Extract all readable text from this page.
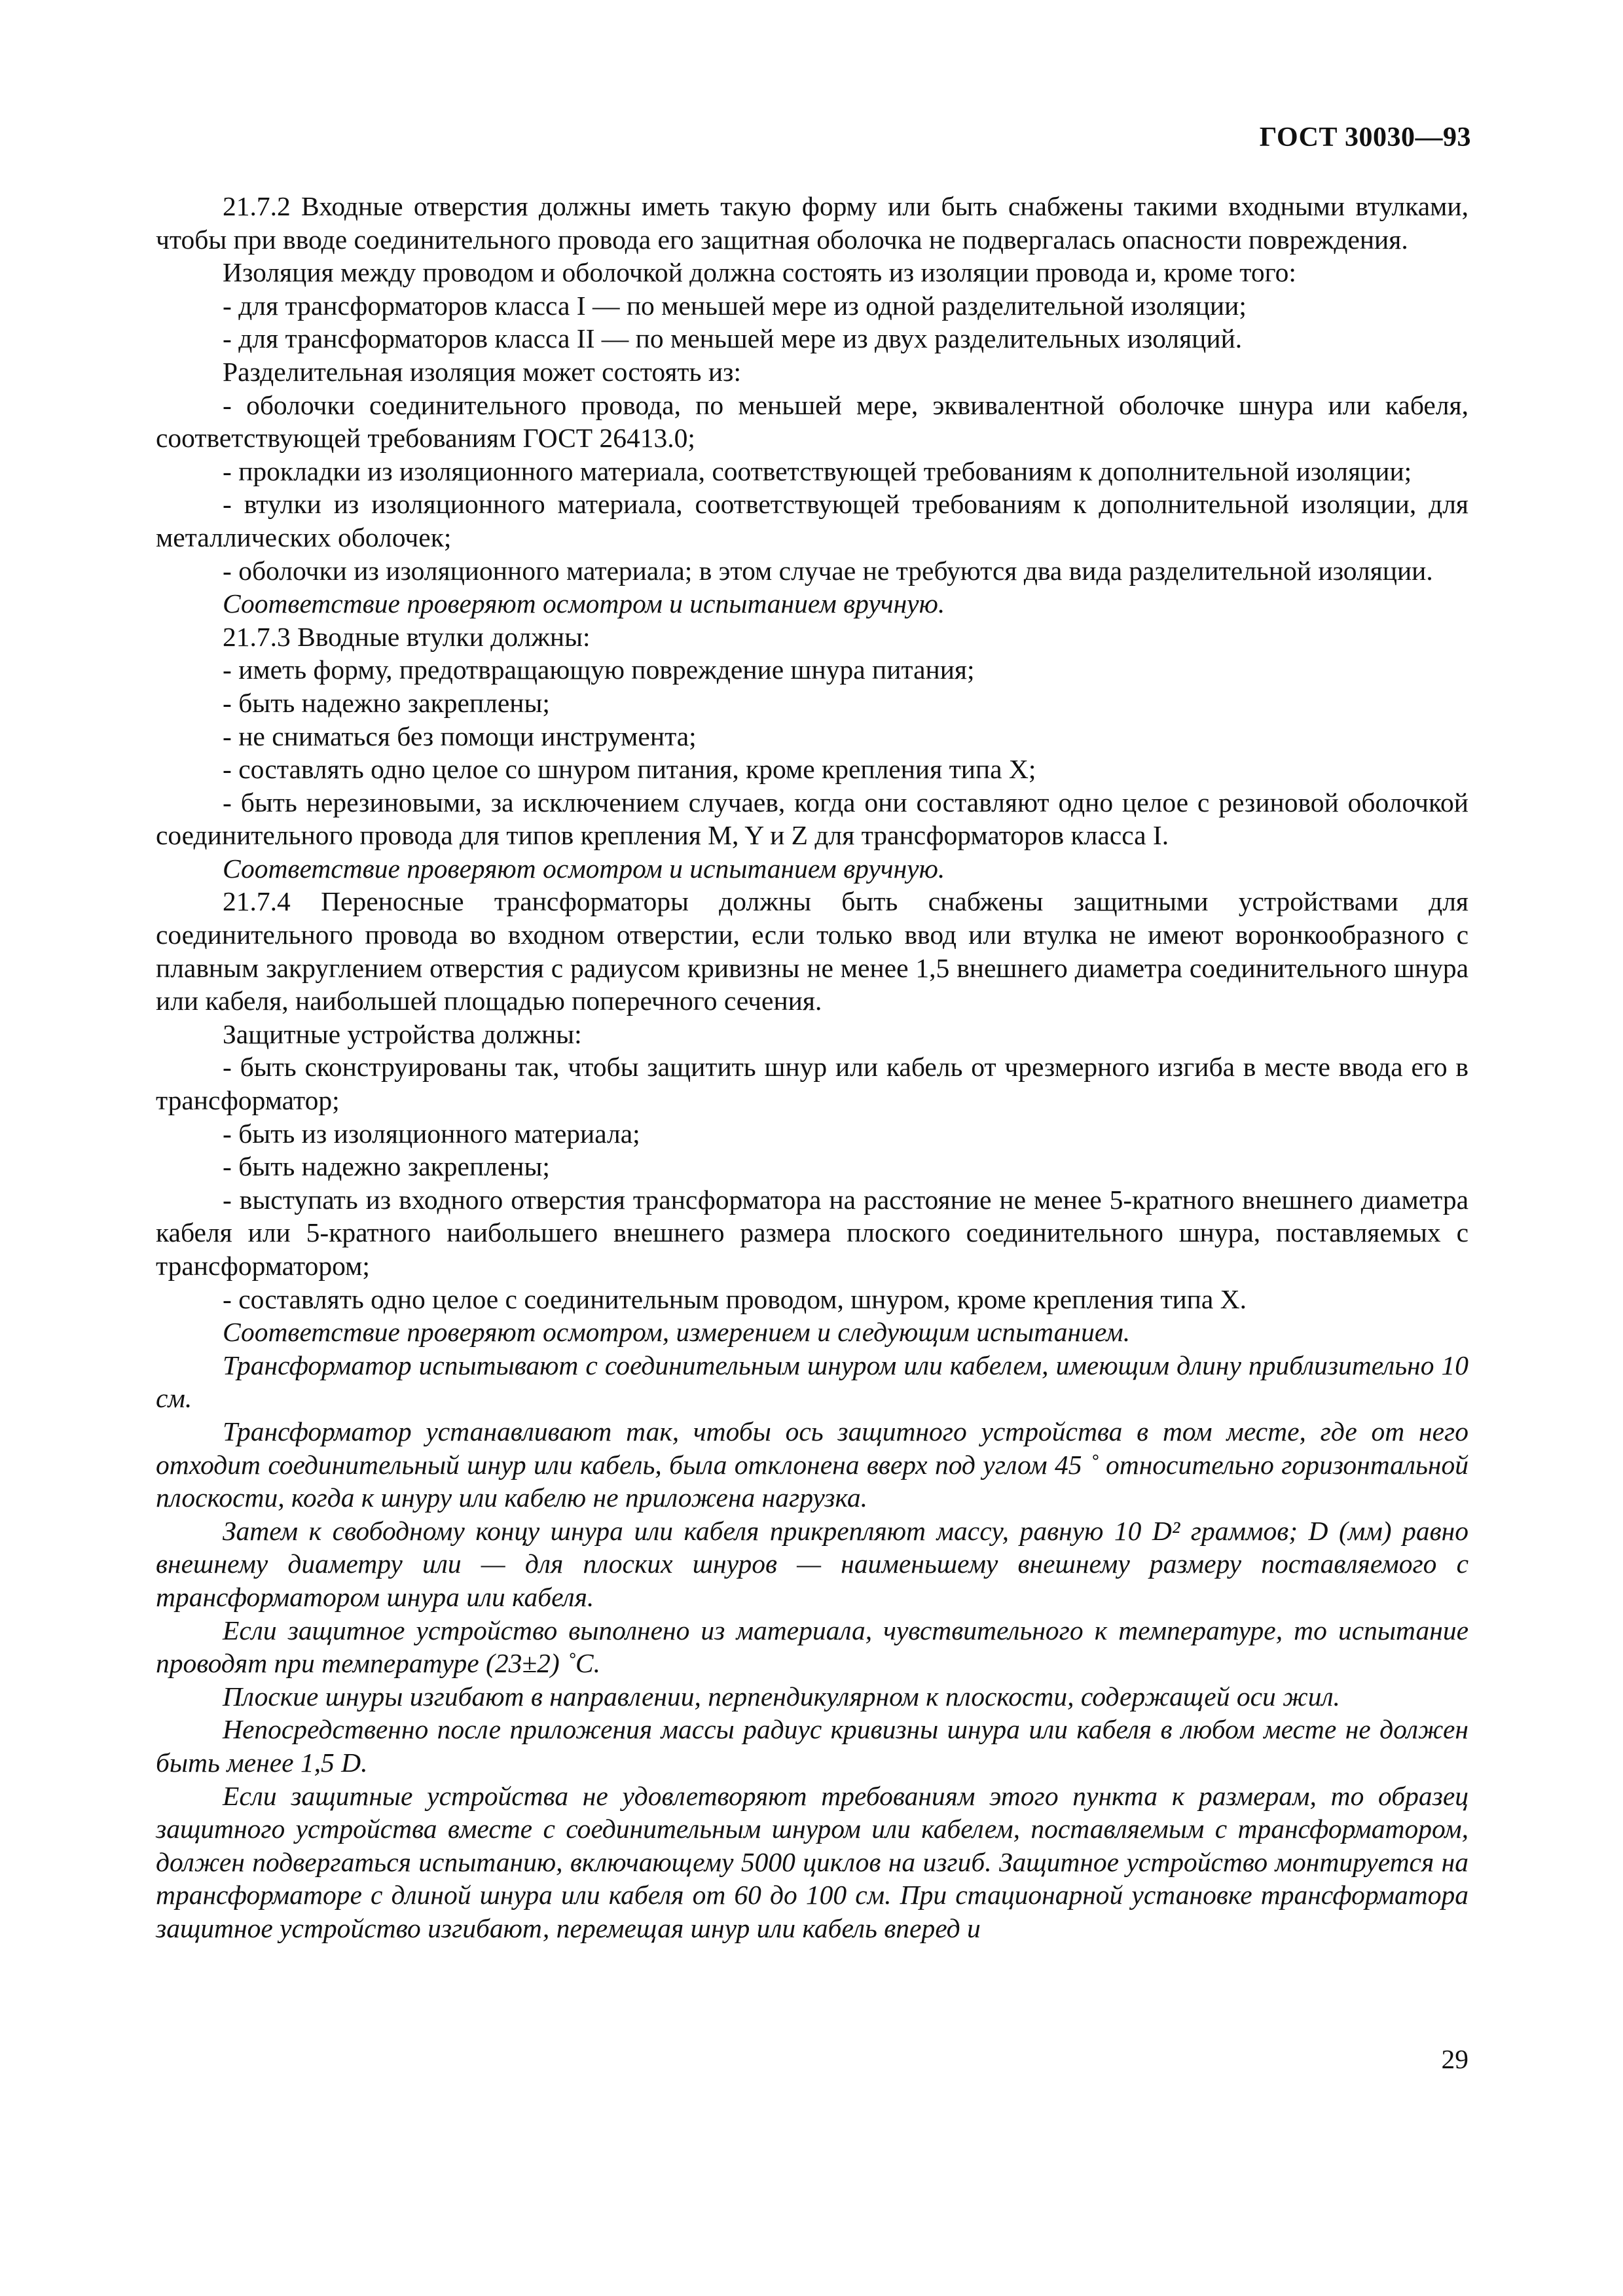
ГОСТ 30030—93

21.7.2 Входные отверстия должны иметь такую форму или быть снабжены такими входными втулками, чтобы при вводе соединительного провода его защитная оболочка не подвергалась опасности повреждения.

Изоляция между проводом и оболочкой должна состоять из изоляции провода и, кроме того:

- для трансформаторов класса I — по меньшей мере из одной разделительной изоляции;

- для трансформаторов класса II — по меньшей мере из двух разделительных изоляций.

Разделительная изоляция может состоять из:

- оболочки соединительного провода, по меньшей мере, эквивалентной оболочке шнура или кабеля, соответствующей требованиям ГОСТ 26413.0;

- прокладки из изоляционного материала, соответствующей требованиям к дополнительной изоляции;

- втулки из изоляционного материала, соответствующей требованиям к дополнительной изоляции, для металлических оболочек;

- оболочки из изоляционного материала; в этом случае не требуются два вида разделительной изоляции.

Соответствие проверяют осмотром и испытанием вручную.

21.7.3 Вводные втулки должны:

- иметь форму, предотвращающую повреждение шнура питания;

- быть надежно закреплены;

- не сниматься без помощи инструмента;

- составлять одно целое со шнуром питания, кроме крепления типа X;

- быть нерезиновыми, за исключением случаев, когда они составляют одно целое с резиновой оболочкой соединительного провода для типов крепления M, Y и Z для трансформаторов класса I.

Соответствие проверяют осмотром и испытанием вручную.

21.7.4 Переносные трансформаторы должны быть снабжены защитными устройствами для соединительного провода во входном отверстии, если только ввод или втулка не имеют воронкообразного с плавным закруглением отверстия с радиусом кривизны не менее 1,5 внешнего диаметра соединительного шнура или кабеля, наибольшей площадью поперечного сечения.

Защитные устройства должны:

- быть сконструированы так, чтобы защитить шнур или кабель от чрезмерного изгиба в месте ввода его в трансформатор;

- быть из изоляционного материала;

- быть надежно закреплены;

- выступать из входного отверстия трансформатора на расстояние не менее 5-кратного внешнего диаметра кабеля или 5-кратного наибольшего внешнего размера плоского соединительного шнура, поставляемых с трансформатором;

- составлять одно целое с соединительным проводом, шнуром, кроме крепления типа X.

Соответствие проверяют осмотром, измерением и следующим испытанием.

Трансформатор испытывают с соединительным шнуром или кабелем, имеющим длину приблизительно 10 см.

Трансформатор устанавливают так, чтобы ось защитного устройства в том месте, где от него отходит соединительный шнур или кабель, была отклонена вверх под углом 45 ˚ относительно горизонтальной плоскости, когда к шнуру или кабелю не приложена нагрузка.

Затем к свободному концу шнура или кабеля прикрепляют массу, равную 10 D² граммов; D (мм) равно внешнему диаметру или — для плоских шнуров — наименьшему внешнему размеру поставляемого с трансформатором шнура или кабеля.

Если защитное устройство выполнено из материала, чувствительного к температуре, то испытание проводят при температуре (23±2) ˚С.

Плоские шнуры изгибают в направлении, перпендикулярном к плоскости, содержащей оси жил.

Непосредственно после приложения массы радиус кривизны шнура или кабеля в любом месте не должен быть менее 1,5 D.

Если защитные устройства не удовлетворяют требованиям этого пункта к размерам, то образец защитного устройства вместе с соединительным шнуром или кабелем, поставляемым с трансформатором, должен подвергаться испытанию, включающему 5000 циклов на изгиб. Защитное устройство монтируется на трансформаторе с длиной шнура или кабеля от 60 до 100 см. При стационарной установке трансформатора защитное устройство изгибают, перемещая шнур или кабель вперед и

29
